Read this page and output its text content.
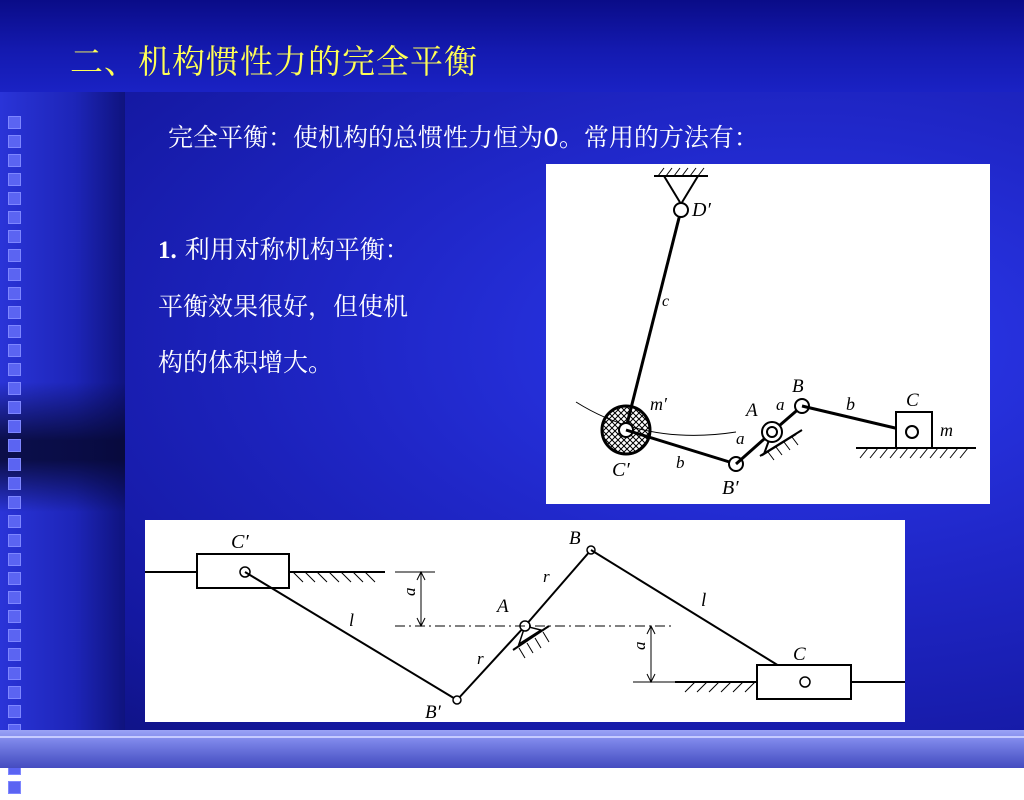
二、机构惯性力的完全平衡
完全平衡：使机构的总惯性力恒为0。常用的方法有：
1. 利用对称机构平衡：
平衡效果很好，但使机
构的体积增大。
D′
c
B
b	C
m′	a
A
a	m
C′	b
B′
C′	B
r
l
a
A
l
a	C
r
B′
